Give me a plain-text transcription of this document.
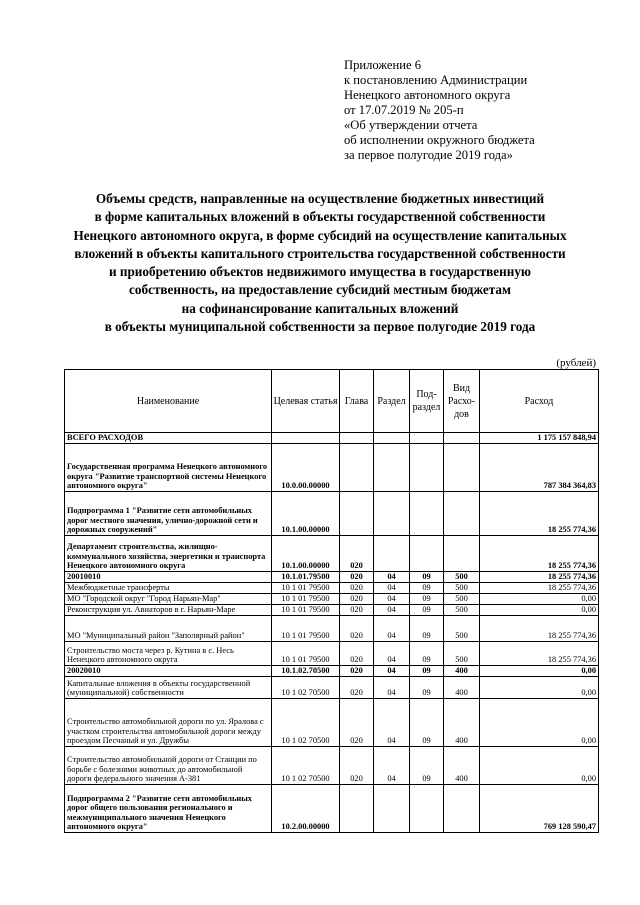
Приложение 6
к постановлению Администрации
Ненецкого автономного округа
от 17.07.2019 № 205-п
«Об утверждении отчета
об исполнении окружного бюджета
за первое полугодие 2019 года»
Объемы средств, направленные на осуществление бюджетных инвестиций
в форме капитальных вложений в объекты государственной собственности
Ненецкого автономного округа, в форме субсидий на осуществление капитальных
вложений в объекты капитального строительства государственной собственности
и приобретению объектов недвижимого имущества в государственную
собственность, на предоставление субсидий местным бюджетам
на софинансирование капитальных вложений
в объекты муниципальной собственности за первое полугодие 2019 года
(рублей)
Наименование	Целевая статья	Глава	Раздел	Под-раздел	Вид Расхо-дов	Расход
ВСЕГО РАСХОДОВ						1 175 157 848,94
Государственная программа Ненецкого автономного округа "Развитие транспортной системы Ненецкого автономного округа"	10.0.00.00000					787 384 364,83
Подпрограмма 1 "Развитие сети автомобильных дорог местного значения, улично-дорожной сети и дорожных сооружений"	10.1.00.00000					18 255 774,36
Департамент строительства, жилищно-коммунального хозяйства, энергетики и транспорта Ненецкого автономного округа	10.1.00.00000	020				18 255 774,36
20010010	10.1.01.79500	020	04	09	500	18 255 774,36
Межбюджетные трансферты	10 1 01 79500	020	04	09	500	18 255 774,36
МО "Городской округ "Город Нарьян-Мар"	10 1 01 79500	020	04	09	500	0,00
Реконструкция ул. Авиаторов в г. Нарьян-Маре	10 1 01 79500	020	04	09	500	0,00
МО "Муниципальный район "Заполярный район"	10 1 01 79500	020	04	09	500	18 255 774,36
Строительство моста через р. Кутина в с. Несь Ненецкого автономного округа	10 1 01 79500	020	04	09	500	18 255 774,36
20020010	10.1.02.70500	020	04	09	400	0,00
Капитальные вложения в объекты государственной (муниципальной) собственности	10 1 02 70500	020	04	09	400	0,00
Строительство автомобильной дороги по ул. Яралова с участком строительства автомобильной дороги между проездом Песчаный и ул. Дружбы	10 1 02 70500	020	04	09	400	0,00
Строительство автомобильной дороги от Станции по борьбе с болезнями животных до автомобильной дороги федерального значения А-381	10 1 02 70500	020	04	09	400	0,00
Подпрограмма 2 "Развитие сети автомобильных дорог общего пользования регионального и межмуниципального значения Ненецкого автономного округа"	10.2.00.00000					769 128 590,47
